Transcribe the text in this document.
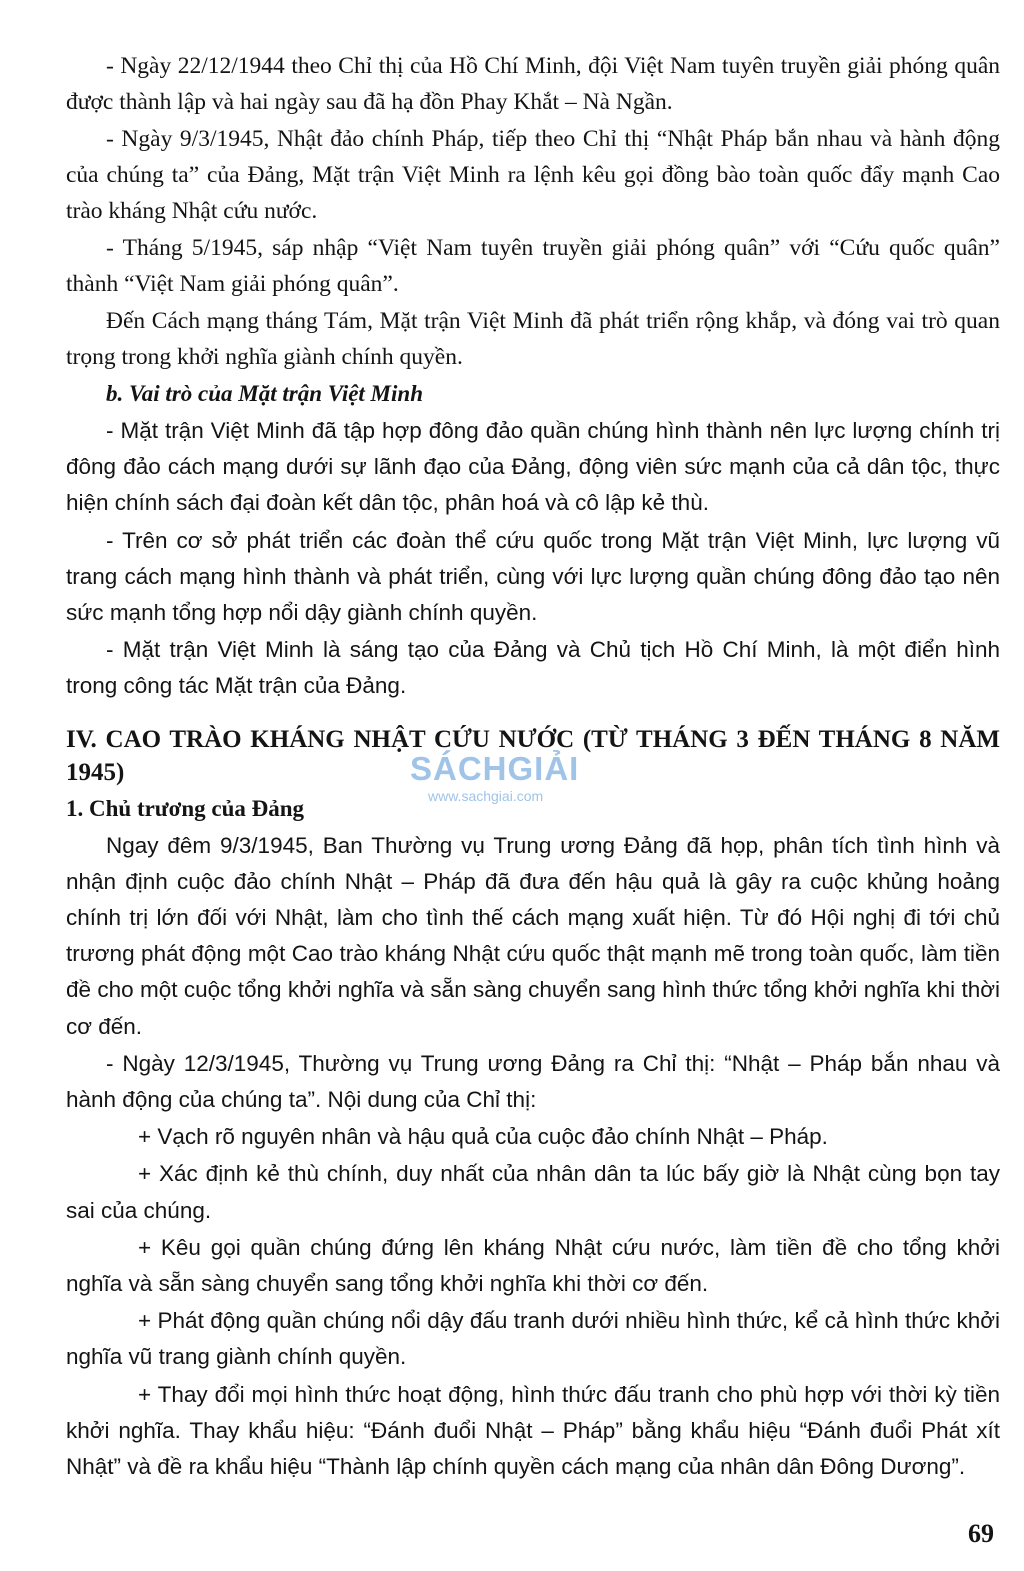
- Ngày 22/12/1944 theo Chỉ thị của Hồ Chí Minh, đội Việt Nam tuyên truyền giải phóng quân được thành lập và hai ngày sau đã hạ đồn Phay Khắt – Nà Ngần.

- Ngày 9/3/1945, Nhật đảo chính Pháp, tiếp theo Chỉ thị “Nhật Pháp bắn nhau và hành động của chúng ta” của Đảng, Mặt trận Việt Minh ra lệnh kêu gọi đồng bào toàn quốc đẩy mạnh Cao trào kháng Nhật cứu nước.

- Tháng 5/1945, sáp nhập “Việt Nam tuyên truyền giải phóng quân” với “Cứu quốc quân” thành “Việt Nam giải phóng quân”.

Đến Cách mạng tháng Tám, Mặt trận Việt Minh đã phát triển rộng khắp, và đóng vai trò quan trọng trong khởi nghĩa giành chính quyền.

b. Vai trò của Mặt trận Việt Minh

- Mặt trận Việt Minh đã tập hợp đông đảo quần chúng hình thành nên lực lượng chính trị đông đảo cách mạng dưới sự lãnh đạo của Đảng, động viên sức mạnh của cả dân tộc, thực hiện chính sách đại đoàn kết dân tộc, phân hoá và cô lập kẻ thù.

- Trên cơ sở phát triển các đoàn thể cứu quốc trong Mặt trận Việt Minh, lực lượng vũ trang cách mạng hình thành và phát triển, cùng với lực lượng quần chúng đông đảo tạo nên sức mạnh tổng hợp nổi dậy giành chính quyền.

- Mặt trận Việt Minh là sáng tạo của Đảng và Chủ tịch Hồ Chí Minh, là một điển hình trong công tác Mặt trận của Đảng.

IV. CAO TRÀO KHÁNG NHẬT CỨU NƯỚC (TỪ THÁNG 3 ĐẾN THÁNG 8 NĂM 1945)
1. Chủ trương của Đảng

Ngay đêm 9/3/1945, Ban Thường vụ Trung ương Đảng đã họp, phân tích tình hình và nhận định cuộc đảo chính Nhật – Pháp đã đưa đến hậu quả là gây ra cuộc khủng hoảng chính trị lớn đối với Nhật, làm cho tình thế cách mạng xuất hiện. Từ đó Hội nghị đi tới chủ trương phát động một Cao trào kháng Nhật cứu quốc thật mạnh mẽ trong toàn quốc, làm tiền đề cho một cuộc tổng khởi nghĩa và sẵn sàng chuyển sang hình thức tổng khởi nghĩa khi thời cơ đến.

- Ngày 12/3/1945, Thường vụ Trung ương Đảng ra Chỉ thị: “Nhật – Pháp bắn nhau và hành động của chúng ta”. Nội dung của Chỉ thị:

+ Vạch rõ nguyên nhân và hậu quả của cuộc đảo chính Nhật – Pháp.

+ Xác định kẻ thù chính, duy nhất của nhân dân ta lúc bấy giờ là Nhật cùng bọn tay sai của chúng.

+ Kêu gọi quần chúng đứng lên kháng Nhật cứu nước, làm tiền đề cho tổng khởi nghĩa và sẵn sàng chuyển sang tổng khởi nghĩa khi thời cơ đến.

+ Phát động quần chúng nổi dậy đấu tranh dưới nhiều hình thức, kể cả hình thức khởi nghĩa vũ trang giành chính quyền.

+ Thay đổi mọi hình thức hoạt động, hình thức đấu tranh cho phù hợp với thời kỳ tiền khởi nghĩa. Thay khẩu hiệu: “Đánh đuổi Nhật – Pháp” bằng khẩu hiệu “Đánh đuổi Phát xít Nhật” và đề ra khẩu hiệu “Thành lập chính quyền cách mạng của nhân dân Đông Dương”.

SÁCHGIẢI
www.sachgiai.com
69
